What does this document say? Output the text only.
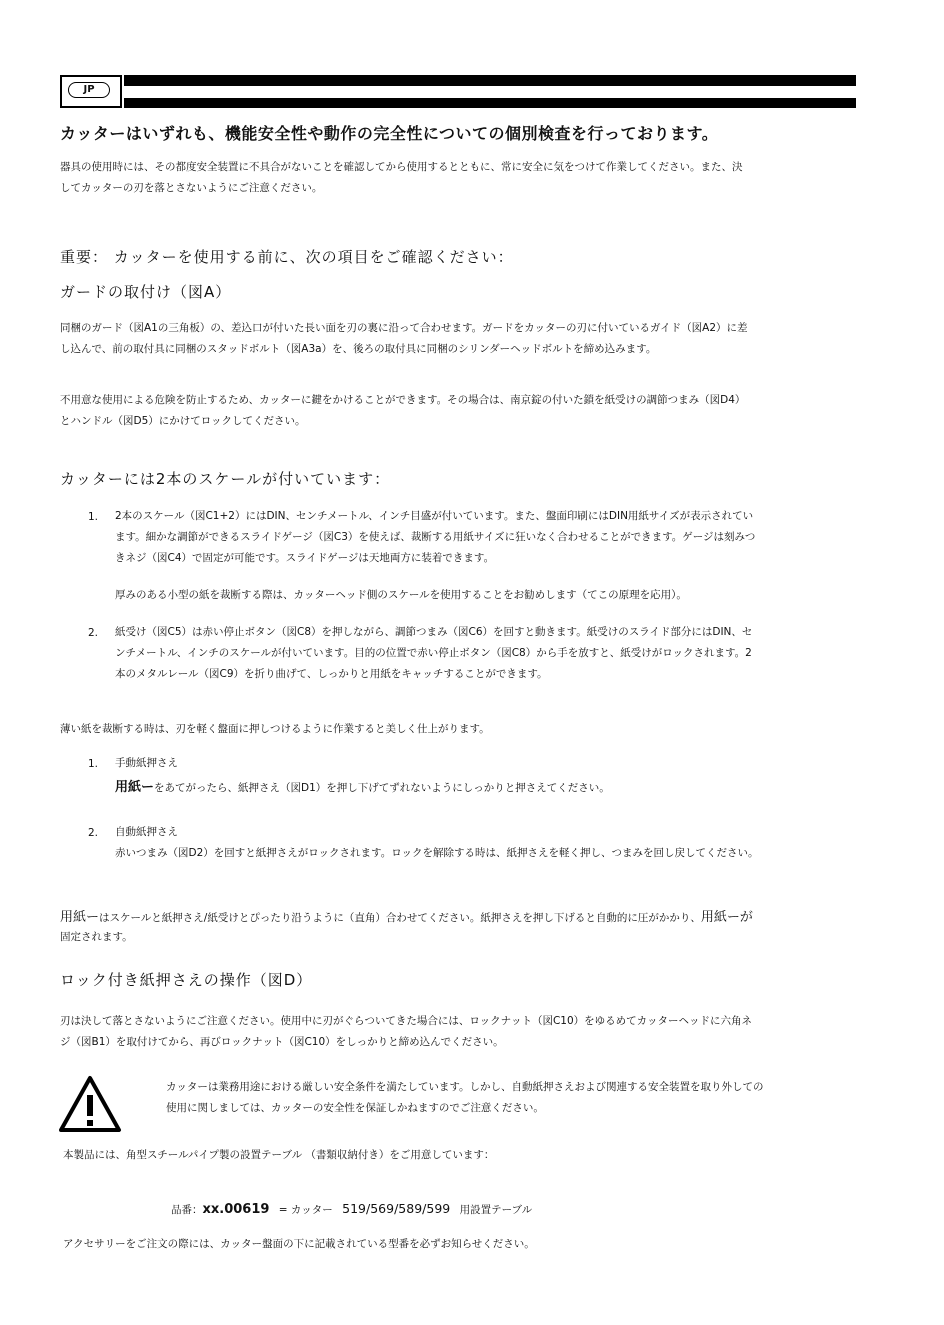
JP
カッターはいずれも、機能安全性や動作の完全性についての個別検査を行っております。
器具の使用時には、その都度安全装置に不具合がないことを確認してから使用するとともに、常に安全に気をつけて作業してください。また、決
してカッターの刃を落とさないようにご注意ください。
重要： カッターを使用する前に、次の項目をご確認ください：
ガードの取付け（図A）
同梱のガード（図A1の三角板）の、差込口が付いた長い面を刃の裏に沿って合わせます。ガードをカッターの刃に付いているガイド（図A2）に差
し込んで、前の取付具に同梱のスタッドボルト（図A3a）を、後ろの取付具に同梱のシリンダーヘッドボルトを締め込みます。
不用意な使用による危険を防止するため、カッターに鍵をかけることができます。その場合は、南京錠の付いた鎖を紙受けの調節つまみ（図D4）
とハンドル（図D5）にかけてロックしてください。
カッターには2本のスケールが付いています：
1. 2本のスケール（図C1+2）にはDIN、センチメートル、インチ目盛が付いています。また、盤面印刷にはDIN用紙サイズが表示されてい
ます。細かな調節ができるスライドゲージ（図C3）を使えば、裁断する用紙サイズに狂いなく合わせることができます。ゲージは刻みつ
きネジ（図C4）で固定が可能です。スライドゲージは天地両方に装着できます。
厚みのある小型の紙を裁断する際は、カッターヘッド側のスケールを使用することをお勧めします（てこの原理を応用）。
2. 紙受け（図C5）は赤い停止ボタン（図C8）を押しながら、調節つまみ（図C6）を回すと動きます。紙受けのスライド部分にはDIN、セ
ンチメートル、インチのスケールが付いています。目的の位置で赤い停止ボタン（図C8）から手を放すと、紙受けがロックされます。2
本のメタルレール（図C9）を折り曲げて、しっかりと用紙をキャッチすることができます。
薄い紙を裁断する時は、刃を軽く盤面に押しつけるように作業すると美しく仕上がります。
1. 手動紙押さえ
用紙ーをあてがったら、紙押さえ（図D1）を押し下げてずれないようにしっかりと押さえてください。
2. 自動紙押さえ
赤いつまみ（図D2）を回すと紙押さえがロックされます。ロックを解除する時は、紙押さえを軽く押し、つまみを回し戻してください。
用紙ーはスケールと紙押さえ/紙受けとぴったり沿うように（直角）合わせてください。紙押さえを押し下げると自動的に圧がかかり、用紙ーが
固定されます。
ロック付き紙押さえの操作（図D）
刃は決して落とさないようにご注意ください。使用中に刃がぐらついてきた場合には、ロックナット（図C10）をゆるめてカッターヘッドに六角ネ
ジ（図B1）を取付けてから、再びロックナット（図C10）をしっかりと締め込んでください。
カッターは業務用途における厳しい安全条件を満たしています。しかし、自動紙押さえおよび関連する安全装置を取り外しての
使用に関しましては、カッターの安全性を保証しかねますのでご注意ください。
本製品には、角型スチールパイプ製の設置テーブル （書類収納付き）をご用意しています：
品番：xx.00619 = カッター 519/569/589/599 用設置テーブル
アクセサリーをご注文の際には、カッター盤面の下に記載されている型番を必ずお知らせください。
